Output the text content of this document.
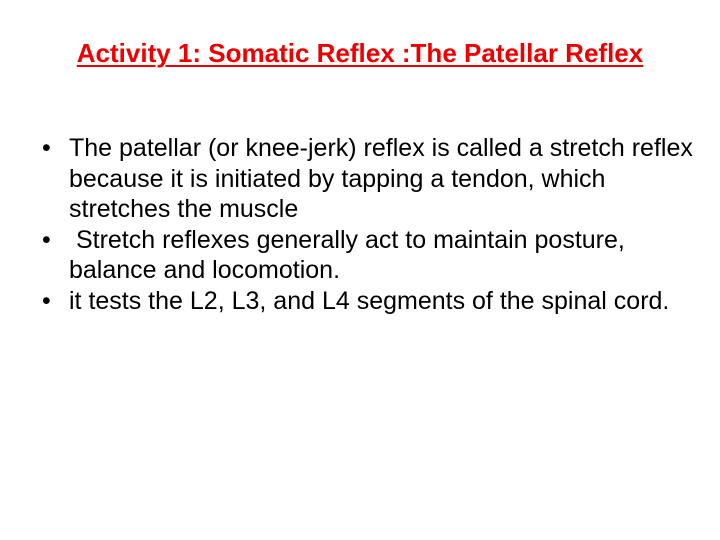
Activity 1: Somatic Reflex :The Patellar Reflex
• The patellar (or knee-jerk) reflex is called a stretch reflex because it is initiated by tapping a tendon, which stretches the muscle
• Stretch reflexes generally act to maintain posture, balance and locomotion.
• it tests the L2, L3, and L4 segments of the spinal cord.
